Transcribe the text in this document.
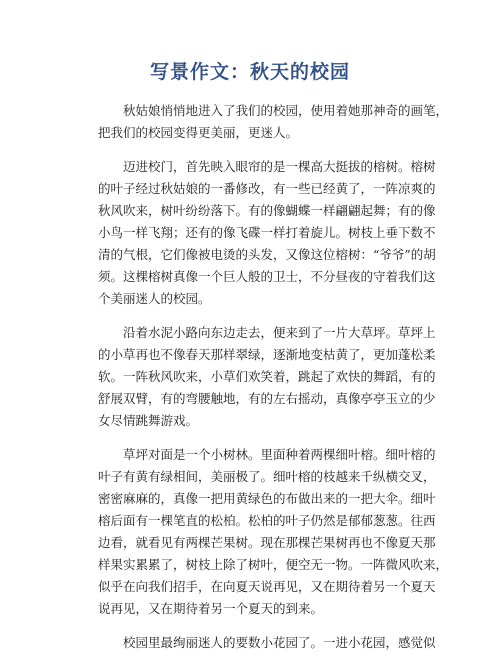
写景作文：秋天的校园
秋姑娘悄悄地进入了我们的校园，使用着她那神奇的画笔，
把我们的校园变得更美丽，更迷人。
迈进校门，首先映入眼帘的是一棵高大挺拔的榕树。榕树
的叶子经过秋姑娘的一番修改，有一些已经黄了，一阵凉爽的
秋风吹来，树叶纷纷落下。有的像蝴蝶一样翩翩起舞；有的像
小鸟一样飞翔；还有的像飞碟一样打着旋儿。树枝上垂下数不
清的气根，它们像被电烫的头发，又像这位榕树：“爷爷”的胡
须。这棵榕树真像一个巨人般的卫士，不分昼夜的守着我们这
个美丽迷人的校园。
沿着水泥小路向东边走去，便来到了一片大草坪。草坪上
的小草再也不像春天那样翠绿，逐渐地变枯黄了，更加蓬松柔
软。一阵秋风吹来，小草们欢笑着，跳起了欢快的舞蹈，有的
舒展双臂，有的弯腰触地，有的左右摇动，真像亭亭玉立的少
女尽情跳舞游戏。
草坪对面是一个小树林。里面种着两棵细叶榕。细叶榕的
叶子有黄有绿相间，美丽极了。细叶榕的枝越来千纵横交叉，
密密麻麻的，真像一把用黄绿色的布做出来的一把大伞。细叶
榕后面有一棵笔直的松柏。松柏的叶子仍然是郁郁葱葱。往西
边看，就看见有两棵芒果树。现在那棵芒果树再也不像夏天那
样果实累累了，树枝上除了树叶，便空无一物。一阵微风吹来，
似乎在向我们招手，在向夏天说再见，又在期待着另一个夏天
说再见，又在期待着另一个夏天的到来。
校园里最绚丽迷人的要数小花园了。一进小花园，感觉似
